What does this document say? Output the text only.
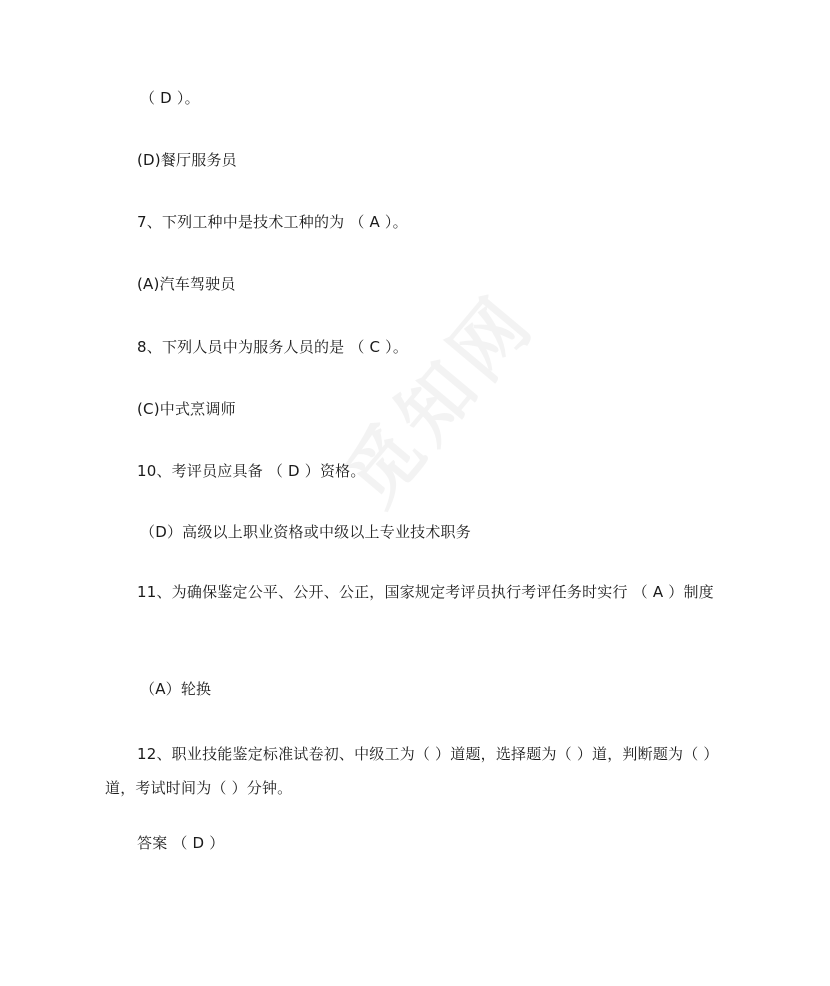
觅知网
（ D ）。
(D)餐厅服务员
7、下列工种中是技术工种的为 （ A ）。
(A)汽车驾驶员
8、下列人员中为服务人员的是 （ C ）。
(C)中式烹调师
10、考评员应具备 （ D ）资格。
（D）高级以上职业资格或中级以上专业技术职务
11、为确保鉴定公平、公开、公正，国家规定考评员执行考评任务时实行 （ A ）制度
（A）轮换
12、职业技能鉴定标准试卷初、中级工为（ ）道题，选择题为（ ）道，判断题为（ ）道，考试时间为（ ）分钟。
答案 （ D ）
